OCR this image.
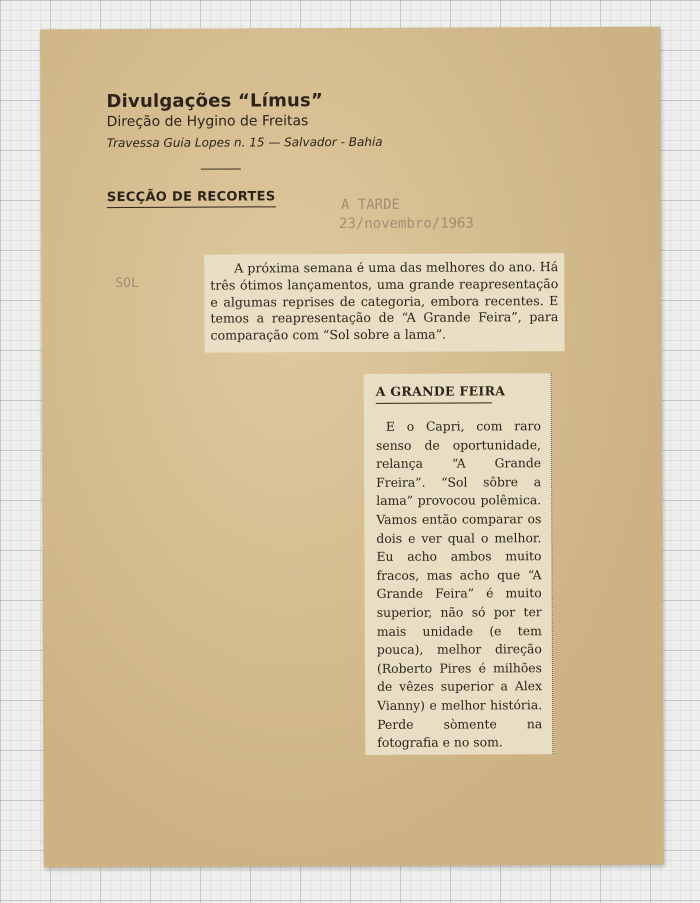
Divulgações “Límus”
Direção de Hygino de Freitas
Travessa Guia Lopes n. 15 — Salvador - Bahia
SECÇÃO DE RECORTES	A TARDE
23/novembro/1963
SOL

A próxima semana é uma das melhores do ano. Há três ótimos lançamentos, uma grande reapresentação e algumas reprises de categoria, embora recentes. E temos a reapresentação de “A Grande Feira”, para comparação com “Sol sobre a lama”.

A GRANDE FEIRA

E o Capri, com raro senso de oportunidade, relança “A Grande Freira”. “Sol sôbre a lama” provocou polêmica. Vamos então comparar os dois e ver qual o melhor. Eu acho ambos muito fracos, mas acho que “A Grande Feira” é muito superior, não só por ter mais unidade (e tem pouca), melhor direção (Roberto Pires é milhões de vêzes superior a Alex Vianny) e melhor história. Perde sòmente na fotografia e no som.
